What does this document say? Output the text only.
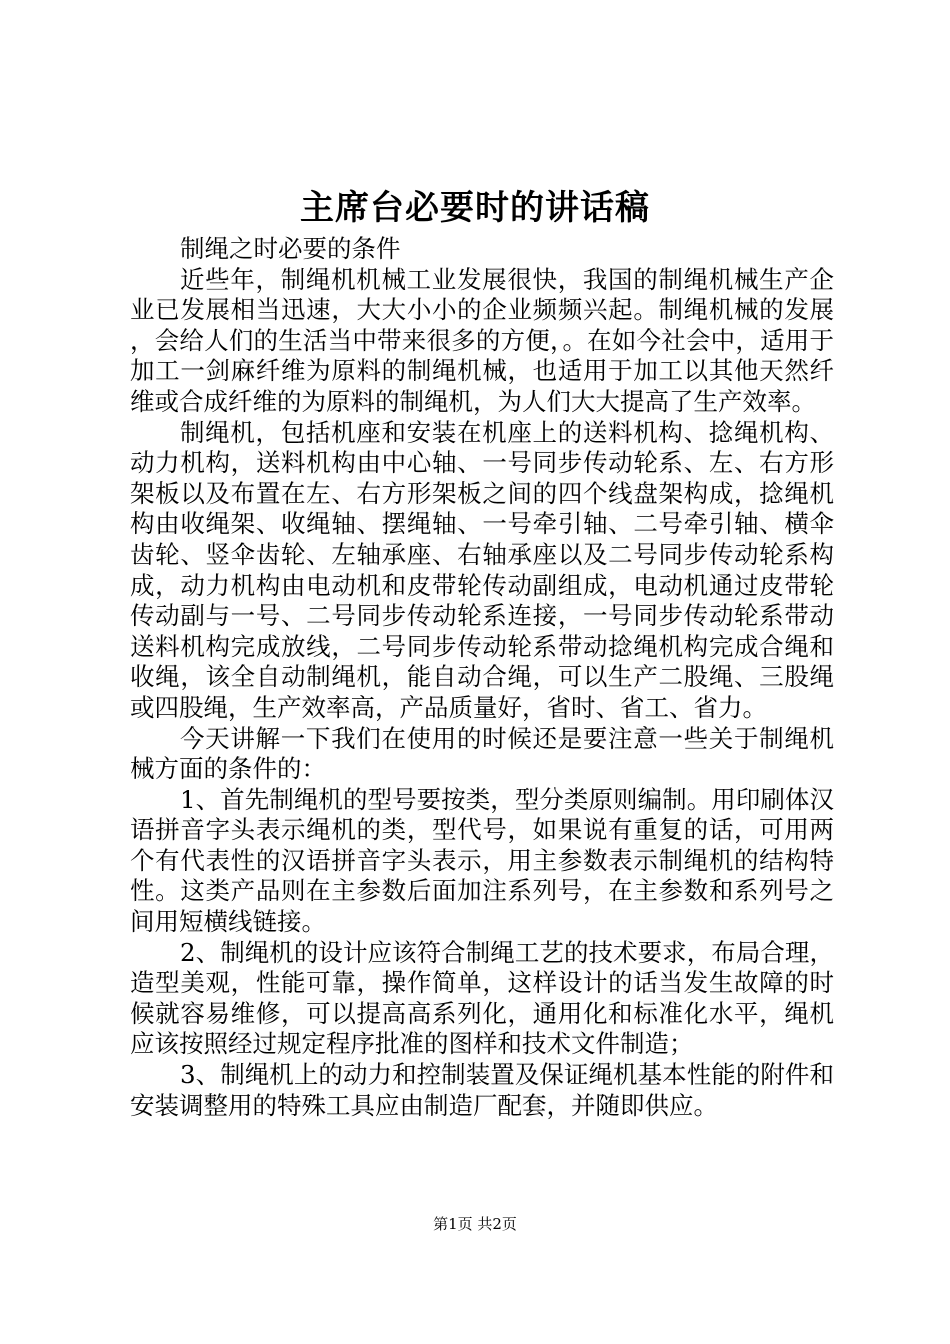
主席台必要时的讲话稿

制绳之时必要的条件

近些年，制绳机机械工业发展很快，我国的制绳机械生产企业已发展相当迅速，大大小小的企业频频兴起。制绳机械的发展，会给人们的生活当中带来很多的方便，。在如今社会中，适用于加工一剑麻纤维为原料的制绳机械，也适用于加工以其他天然纤维或合成纤维的为原料的制绳机，为人们大大提高了生产效率。

制绳机，包括机座和安装在机座上的送料机构、捻绳机构、动力机构，送料机构由中心轴、一号同步传动轮系、左、右方形架板以及布置在左、右方形架板之间的四个线盘架构成，捻绳机构由收绳架、收绳轴、摆绳轴、一号牵引轴、二号牵引轴、横伞齿轮、竖伞齿轮、左轴承座、右轴承座以及二号同步传动轮系构成，动力机构由电动机和皮带轮传动副组成，电动机通过皮带轮传动副与一号、二号同步传动轮系连接，一号同步传动轮系带动送料机构完成放线，二号同步传动轮系带动捻绳机构完成合绳和收绳，该全自动制绳机，能自动合绳，可以生产二股绳、三股绳或四股绳，生产效率高，产品质量好，省时、省工、省力。

今天讲解一下我们在使用的时候还是要注意一些关于制绳机械方面的条件的：

1、首先制绳机的型号要按类，型分类原则编制。用印刷体汉语拼音字头表示绳机的类，型代号，如果说有重复的话，可用两个有代表性的汉语拼音字头表示，用主参数表示制绳机的结构特性。这类产品则在主参数后面加注系列号，在主参数和系列号之间用短横线链接。

2、制绳机的设计应该符合制绳工艺的技术要求，布局合理，造型美观，性能可靠，操作简单，这样设计的话当发生故障的时候就容易维修，可以提高高系列化，通用化和标准化水平，绳机应该按照经过规定程序批准的图样和技术文件制造；

3、制绳机上的动力和控制装置及保证绳机基本性能的附件和安装调整用的特殊工具应由制造厂配套，并随即供应。

第1页 共2页
